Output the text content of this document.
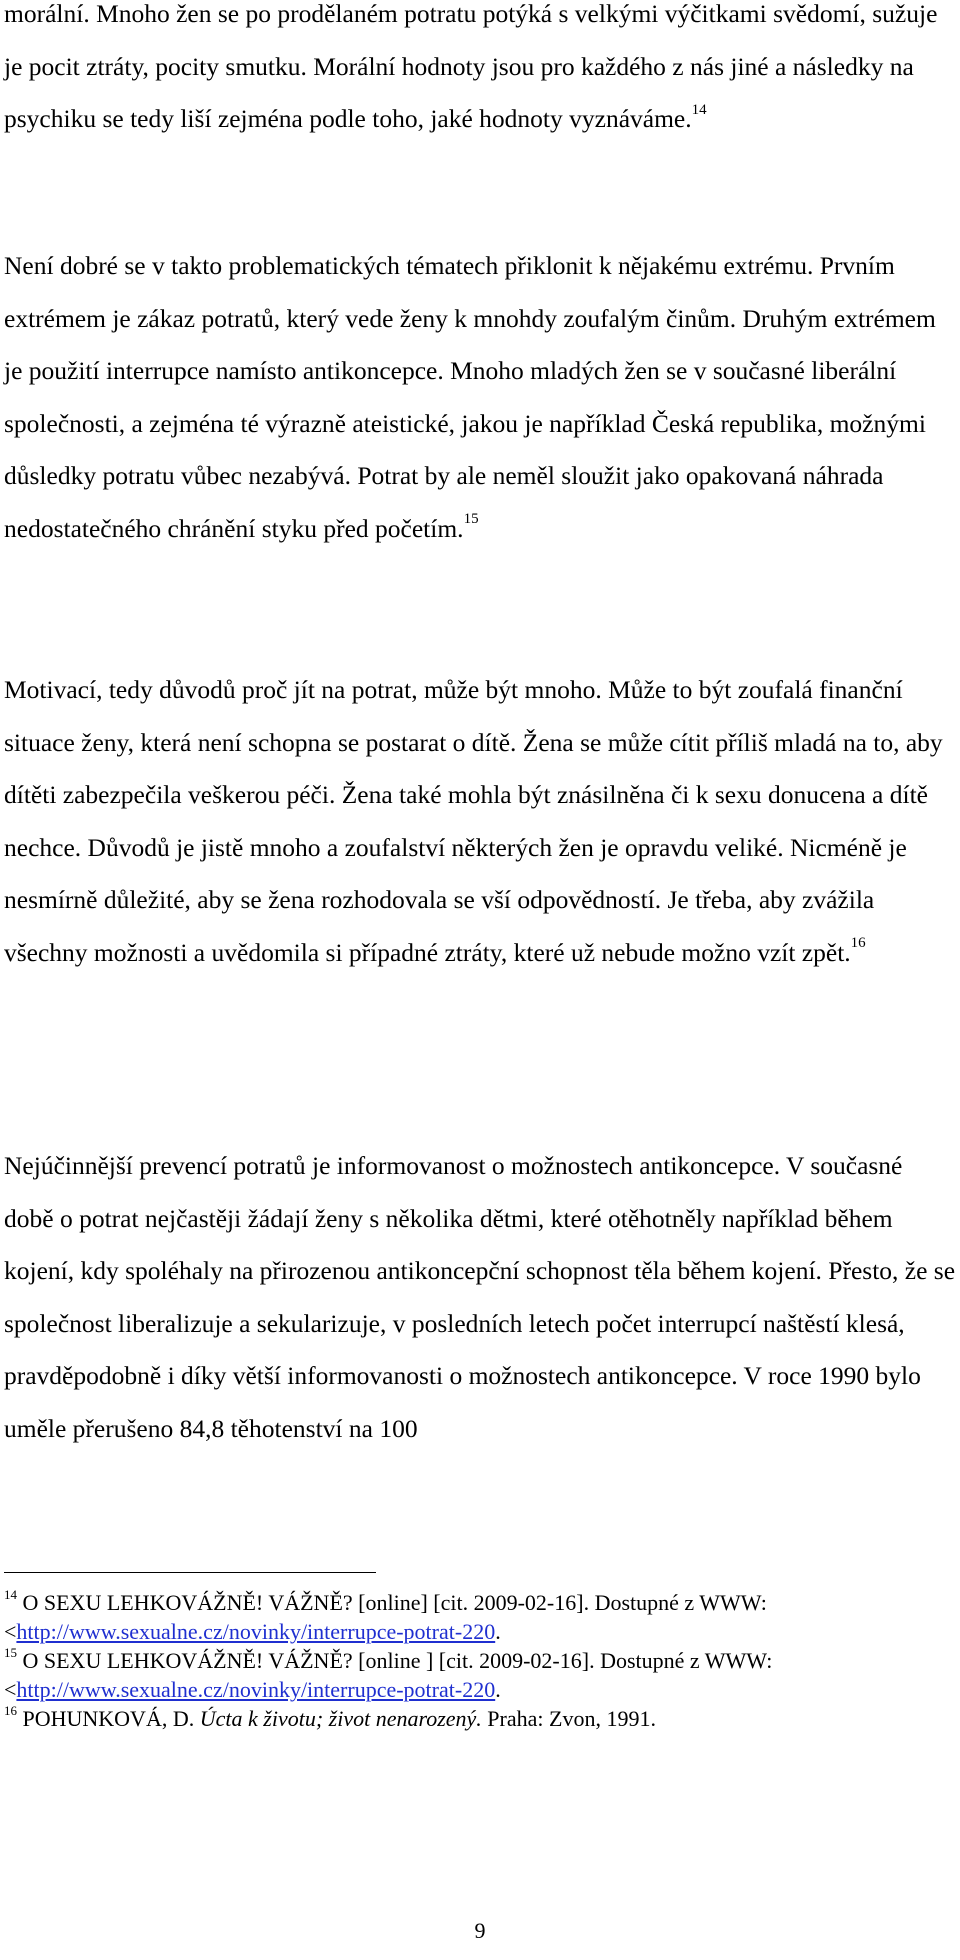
morální. Mnoho žen se po prodělaném potratu potýká s velkými výčitkami svědomí, sužuje je pocit ztráty, pocity smutku. Morální hodnoty jsou pro každého z nás jiné a následky na psychiku se tedy liší zejména podle toho, jaké hodnoty vyznáváme.$^{14}$

Není dobré se v takto problematických tématech přiklonit k nějakému extrému. Prvním extrémem je zákaz potratů, který vede ženy k mnohdy zoufalým činům. Druhým extrémem je použití interrupce namísto antikoncepce. Mnoho mladých žen se v současné liberální společnosti, a zejména té výrazně ateistické, jakou je například Česká republika, možnými důsledky potratu vůbec nezabývá. Potrat by ale neměl sloužit jako opakovaná náhrada nedostatečného chránění styku před početím.$^{15}$

Motivací, tedy důvodů proč jít na potrat, může být mnoho. Může to být zoufalá finanční situace ženy, která není schopna se postarat o dítě. Žena se může cítit příliš mladá na to, aby dítěti zabezpečila veškerou péči. Žena také mohla být znásilněna či k sexu donucena a dítě nechce. Důvodů je jistě mnoho a zoufalství některých žen je opravdu veliké. Nicméně je nesmírně důležité, aby se žena rozhodovala se vší odpovědností. Je třeba, aby zvážila všechny možnosti a uvědomila si případné ztráty, které už nebude možno vzít zpět.$^{16}$

Nejúčinnější prevencí potratů je informovanost o možnostech antikoncepce. V současné době o potrat nejčastěji žádají ženy s několika dětmi, které otěhotněly například během kojení, kdy spoléhaly na přirozenou antikoncepční schopnost těla během kojení. Přesto, že se společnost liberalizuje a sekularizuje, v posledních letech počet interrupcí naštěstí klesá, pravděpodobně i díky větší informovanosti o možnostech antikoncepce. V roce 1990 bylo uměle přerušeno 84,8 těhotenství na 100

$^{14}$ O SEXU LEHKOVÁŽNĚ! VÁŽNĚ? [online] [cit. 2009-02-16]. Dostupné z WWW:
<http://www.sexualne.cz/novinky/interrupce-potrat-220.

$^{15}$ O SEXU LEHKOVÁŽNĚ! VÁŽNĚ? [online ] [cit. 2009-02-16]. Dostupné z WWW:
<http://www.sexualne.cz/novinky/interrupce-potrat-220.

$^{16}$ POHUNKOVÁ, D. Úcta k životu; život nenarozený. Praha: Zvon, 1991.

9
